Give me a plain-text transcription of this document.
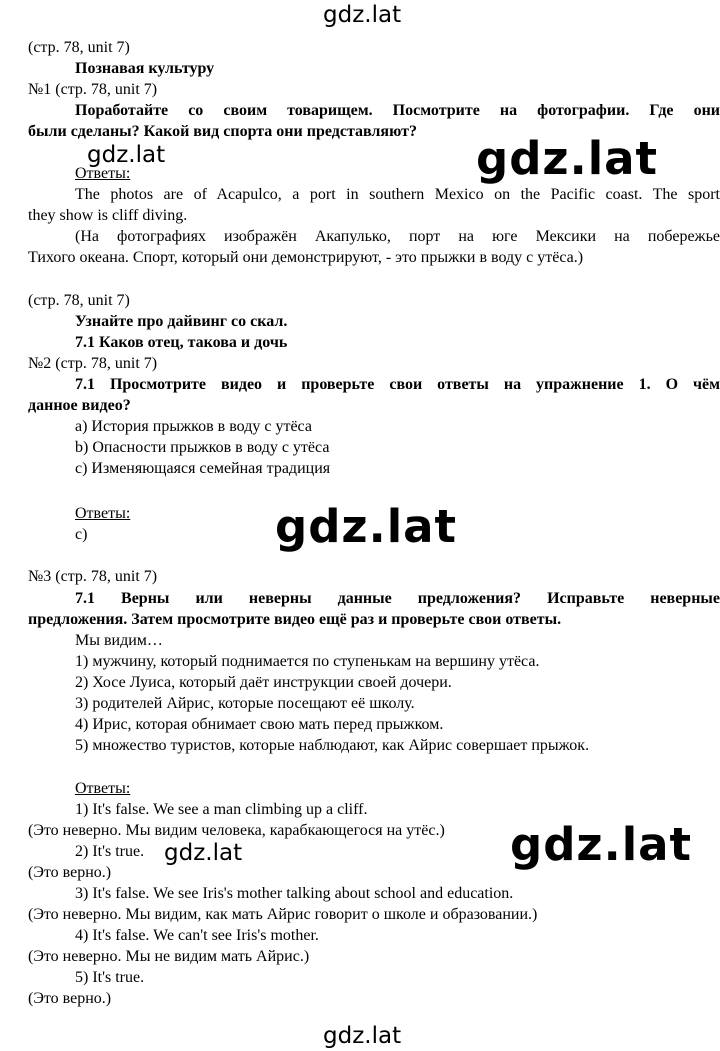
gdz.lat
gdz.lat	gdz.lat
gdz.lat
gdz.lat
gdz.lat
gdz.lat
(стр. 78, unit 7)
Познавая культуру
№1 (стр. 78, unit 7)
Поработайте со своим товарищем. Посмотрите на фотографии. Где они
были сделаны? Какой вид спорта они представляют?
Ответы:
The photos are of Acapulco, a port in southern Mexico on the Pacific coast. The sport
they show is cliff diving.
(На фотографиях изображён Акапулько, порт на юге Мексики на побережье
Тихого океана. Спорт, который они демонстрируют, - это прыжки в воду с утёса.)
(стр. 78, unit 7)
Узнайте про дайвинг со скал.
7.1 Каков отец, такова и дочь
№2 (стр. 78, unit 7)
7.1 Просмотрите видео и проверьте свои ответы на упражнение 1. О чём
данное видео?
a) История прыжков в воду с утёса
b) Опасности прыжков в воду с утёса
c) Изменяющаяся семейная традиция
Ответы:
c)
№3 (стр. 78, unit 7)
7.1 Верны или неверны данные предложения? Исправьте неверные
предложения. Затем просмотрите видео ещё раз и проверьте свои ответы.
Мы видим…
1) мужчину, который поднимается по ступенькам на вершину утёса.
2) Хосе Луиса, который даёт инструкции своей дочери.
3) родителей Айрис, которые посещают её школу.
4) Ирис, которая обнимает свою мать перед прыжком.
5) множество туристов, которые наблюдают, как Айрис совершает прыжок.
Ответы:
1) It's false. We see a man climbing up a cliff.
(Это неверно. Мы видим человека, карабкающегося на утёс.)
2) It's true.
(Это верно.)
3) It's false. We see Iris's mother talking about school and education.
(Это неверно. Мы видим, как мать Айрис говорит о школе и образовании.)
4) It's false. We can't see Iris's mother.
(Это неверно. Мы не видим мать Айрис.)
5) It's true.
(Это верно.)
